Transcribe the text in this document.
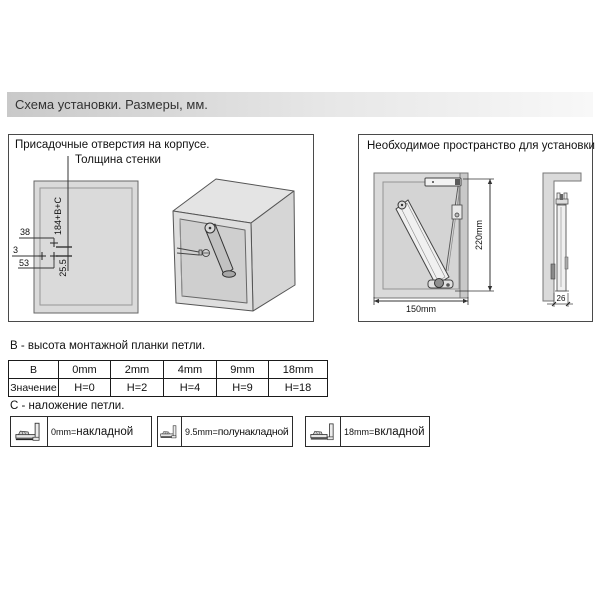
Схема установки. Размеры, мм.
38
3
53
184+B+C
25.5
Присадочные отверстия на корпусе.
Толщина стенки
220mm
150mm
26
Необходимое пространство для установки
B - высота монтажной планки петли.
B	0mm	2mm	4mm	9mm	18mm
Значение	H=0	H=2	H=4	H=9	H=18
C - наложение петли.
0mm= накладной	9.5mm= полунакладной	18mm= вкладной
